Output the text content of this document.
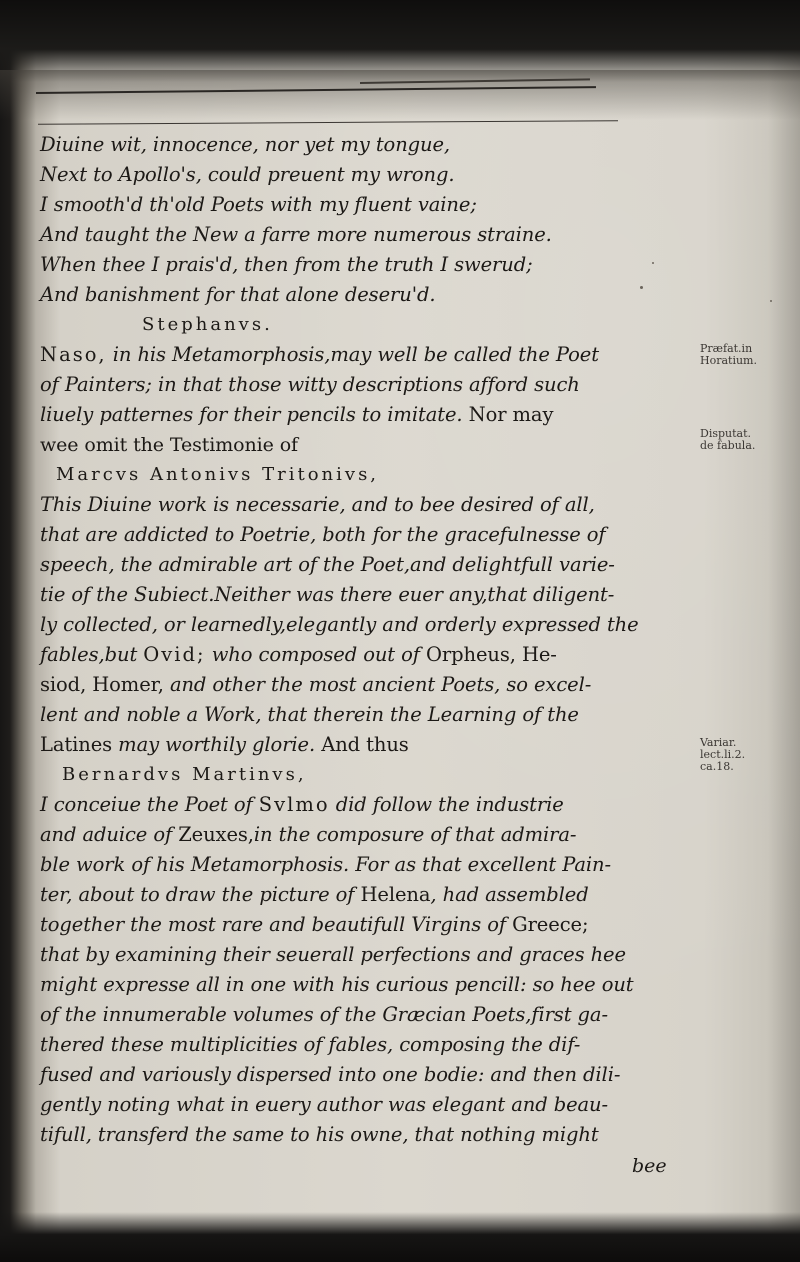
Diuine wit, innocence, nor yet my tongue,
Next to Apollo's, could preuent my wrong.
I smooth'd th'old Poets with my fluent vaine;
And taught the New a farre more numerous straine.
When thee I prais'd, then from the truth I swerud;
And banishment for that alone deseru'd.
Stephanvs.
Naso, in his Metamorphosis,may well be called the Poet
of Painters; in that those witty descriptions afford such
liuely patternes for their pencils to imitate. Nor may
wee omit the Testimonie of
Marcvs Antonivs Tritonivs,
This Diuine work is necessarie, and to bee desired of all,
that are addicted to Poetrie, both for the gracefulnesse of
speech, the admirable art of the Poet,and delightfull varie-
tie of the Subiect.Neither was there euer any,that diligent-
ly collected, or learnedly,elegantly and orderly expressed the
fables,but Ovid; who composed out of Orpheus, He-
siod, Homer, and other the most ancient Poets, so excel-
lent and noble a Work, that therein the Learning of the
Latines may worthily glorie. And thus
Bernardvs Martinvs,
I conceiue the Poet of Svlmo did follow the industrie
and aduice of Zeuxes,in the composure of that admira-
ble work of his Metamorphosis. For as that excellent Pain-
ter, about to draw the picture of Helena, had assembled
together the most rare and beautifull Virgins of Greece;
that by examining their seuerall perfections and graces hee
might expresse all in one with his curious pencill: so hee out
of the innumerable volumes of the Græcian Poets,first ga-
thered these multiplicities of fables, composing the dif-
fused and variously dispersed into one bodie: and then dili-
gently noting what in euery author was elegant and beau-
tifull, transferd the same to his owne, that nothing might
bee
Præfat.in
Horatium.
Disputat.
de fabula.
Variar.
lect.li.2.
ca.18.
